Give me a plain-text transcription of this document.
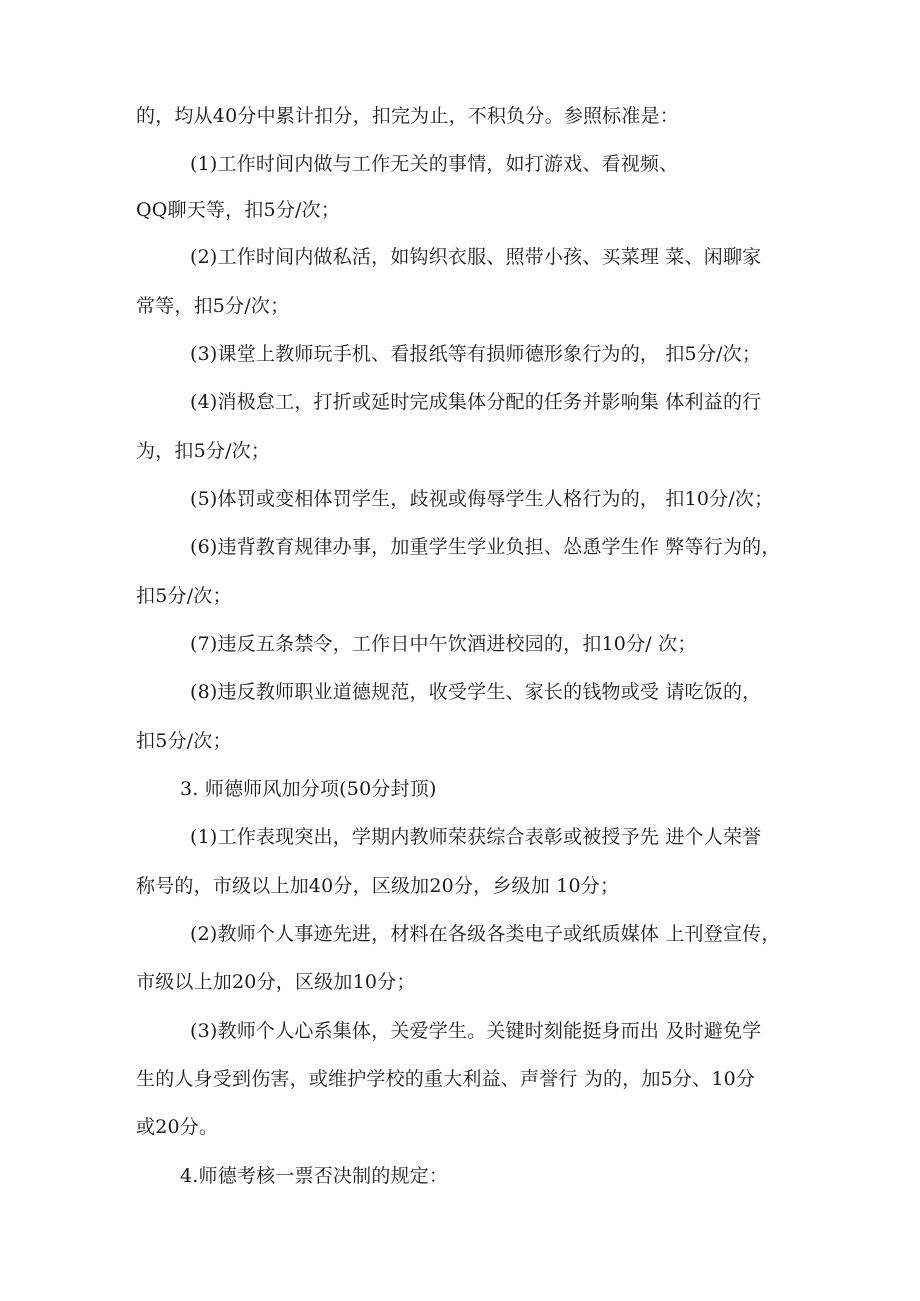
的，均从40分中累计扣分，扣完为止，不积负分。参照标准是：
(1)工作时间内做与工作无关的事情，如打游戏、看视频、
QQ聊天等，扣5分/次；
(2)工作时间内做私活，如钩织衣服、照带小孩、买菜理 菜、闲聊家
常等，扣5分/次；
(3)课堂上教师玩手机、看报纸等有损师德形象行为的， 扣5分/次；
(4)消极怠工，打折或延时完成集体分配的任务并影响集 体利益的行
为，扣5分/次；
(5)体罚或变相体罚学生，歧视或侮辱学生人格行为的， 扣10分/次；
(6)违背教育规律办事，加重学生学业负担、怂恿学生作 弊等行为的，
扣5分/次；
(7)违反五条禁令，工作日中午饮酒进校园的，扣10分/ 次；
(8)违反教师职业道德规范，收受学生、家长的钱物或受 请吃饭的，
扣5分/次；
3. 师德师风加分项(50分封顶)
(1)工作表现突出，学期内教师荣获综合表彰或被授予先 进个人荣誉
称号的，市级以上加40分，区级加20分，乡级加 10分；
(2)教师个人事迹先进，材料在各级各类电子或纸质媒体 上刊登宣传，
市级以上加20分，区级加10分；
(3)教师个人心系集体，关爱学生。关键时刻能挺身而出 及时避免学
生的人身受到伤害，或维护学校的重大利益、声誉行 为的，加5分、10分
或20分。
4.师德考核一票否决制的规定：
